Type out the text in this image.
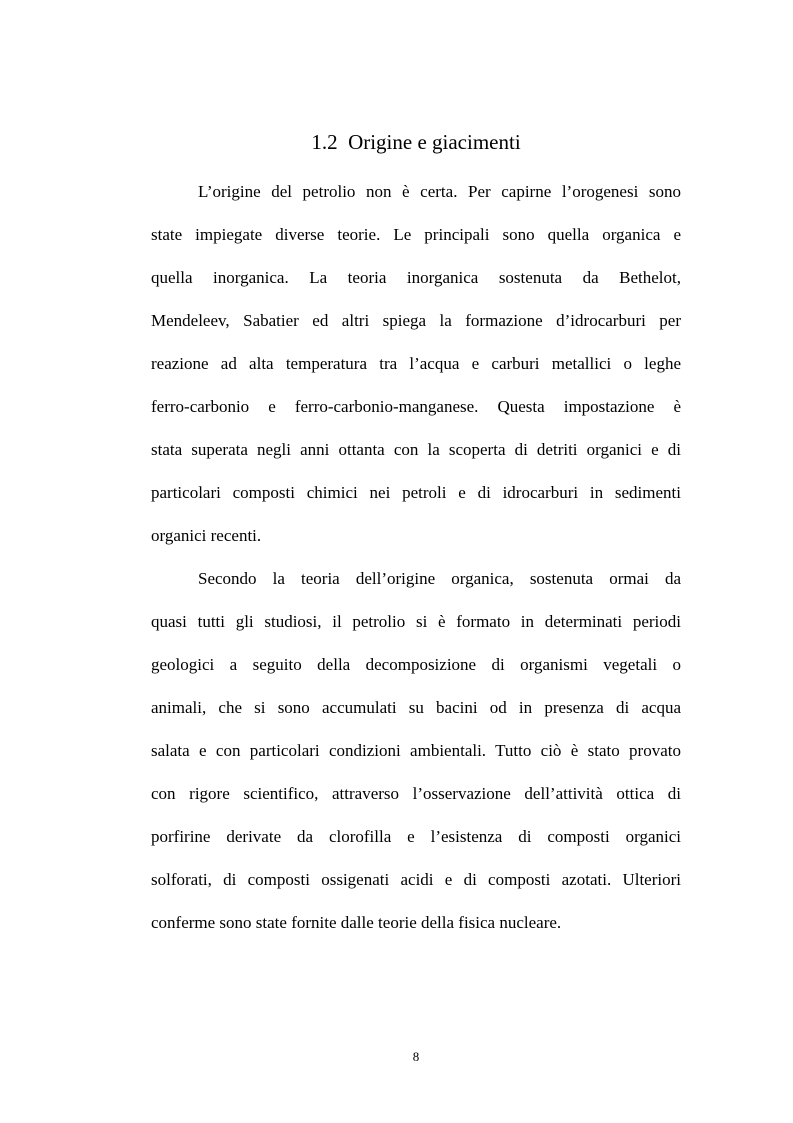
1.2  Origine e giacimenti

L’origine del petrolio non è certa. Per capirne l’orogenesi sono

state impiegate diverse teorie. Le principali sono quella organica e

quella inorganica. La teoria inorganica sostenuta da Bethelot,

Mendeleev, Sabatier ed altri spiega la formazione d’idrocarburi per

reazione ad alta temperatura tra l’acqua e carburi metallici o leghe

ferro-carbonio e ferro-carbonio-manganese. Questa impostazione è

stata superata negli anni ottanta con la scoperta di detriti organici e di

particolari composti chimici nei petroli e di idrocarburi in sedimenti

organici recenti.

Secondo la teoria dell’origine organica, sostenuta ormai da

quasi tutti gli studiosi, il petrolio si è formato in determinati periodi

geologici a seguito della decomposizione di organismi vegetali o

animali, che si sono accumulati su bacini od in presenza di acqua

salata e con particolari condizioni ambientali. Tutto ciò è stato provato

con rigore scientifico, attraverso l’osservazione dell’attività ottica di

porfirine derivate da clorofilla e l’esistenza di composti organici

solforati, di composti ossigenati acidi e di composti azotati. Ulteriori

conferme sono state fornite dalle teorie della fisica nucleare.

8
